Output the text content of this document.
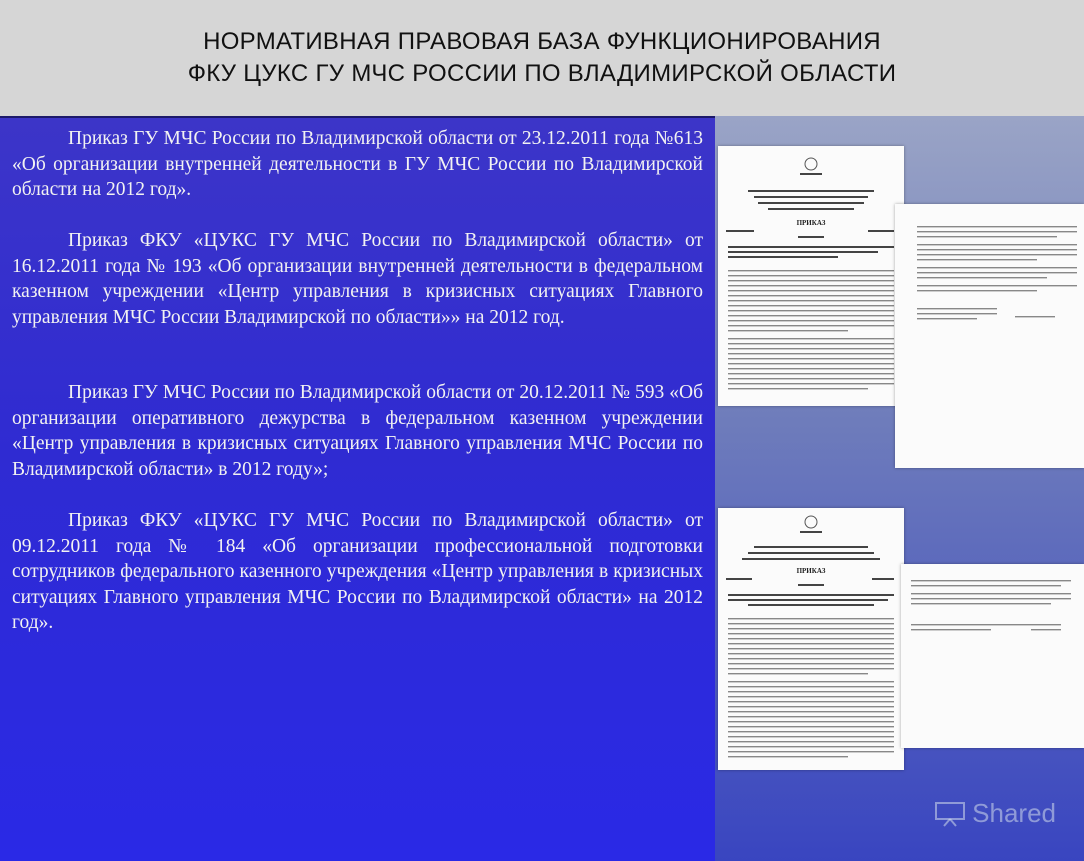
НОРМАТИВНАЯ ПРАВОВАЯ БАЗА ФУНКЦИОНИРОВАНИЯ
ФКУ ЦУКС ГУ МЧС РОССИИ ПО ВЛАДИМИРСКОЙ ОБЛАСТИ
Приказ ГУ МЧС России по Владимирской области от 23.12.2011 года №613 «Об организации внутренней деятельности в ГУ МЧС России по Владимирской области на 2012 год».
Приказ ФКУ «ЦУКС ГУ МЧС России по Владимирской области» от 16.12.2011 года № 193 «Об организации внутренней деятельности в федеральном казенном учреждении «Центр управления в кризисных ситуациях Главного управления МЧС России Владимирской по области»» на 2012 год.
Приказ ГУ МЧС России по Владимирской области от 20.12.2011 № 593 «Об организации оперативного дежурства в федеральном казенном учреждении «Центр управления в кризисных ситуациях Главного управления МЧС России по Владимирской области» в 2012 году»;
Приказ ФКУ «ЦУКС ГУ МЧС России по Владимирской области» от 09.12.2011 года № 184 «Об организации профессиональной подготовки сотрудников федерального казенного учреждения «Центр управления в кризисных ситуациях Главного управления МЧС России по Владимирской области» на 2012 год».
ПРИКАЗ
ПРИКАЗ
Shared
